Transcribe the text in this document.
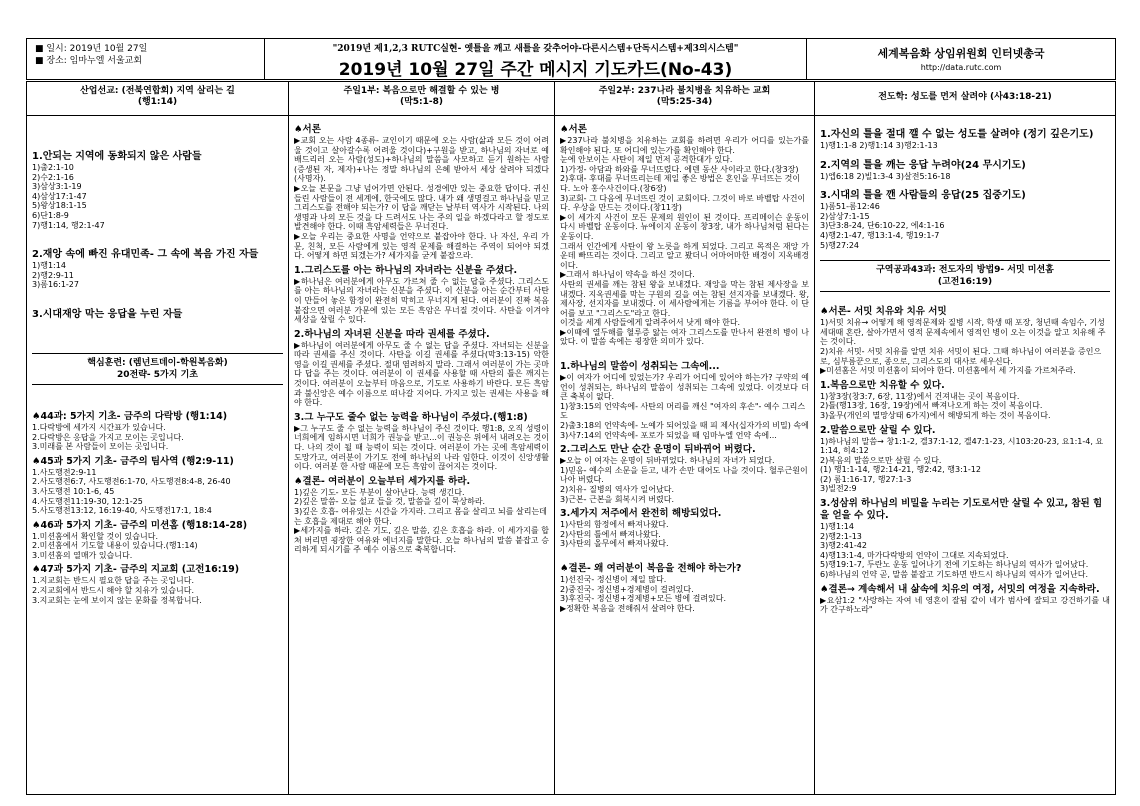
■ 일시: 2019년 10월 27일
■ 장소: 임마누엘 서울교회
"2019년 제1,2,3 RUTC실현- 옛틀을 깨고 새틀을 갖추어야-다른시스템+단독시스템+제3의시스템"
2019년 10월 27일 주간 메시지 기도카드(No-43)
세계복음화 상임위원회 인터넷총국
http://data.rutc.com
산업선교: (전북연합회) 지역 살리는 길
(행1:14)
1.안되는 지역에 동화되지 않은 사람들
1)출2:1-10
2)수2:1-16
3)삼상3:1-19
4)삼상17:1-47
5)왕상18:1-15
6)단1:8-9
7)행1:14, 행2:1-47
2.재앙 속에 빠진 유대민족- 그 속에 복음 가진 자들
1)행1:14
2)행2:9-11
3)롬16:1-27
3.시대재앙 막는 응답을 누린 자들
핵심훈련: (렘넌트데이-학원복음화)
20전략- 5가지 기초
♠44과: 5가지 기초- 금주의 다락방 (행1:14)
1.다락방에 세가지 시간표가 있습니다.
2.다락방은 응답을 가지고 모이는 곳입니다.
3.미래를 본 사람들이 모이는 곳입니다.
♠45과 5가지 기초- 금주의 팀사역 (행2:9-11)
1.사도행전2:9-11
2.사도행전6:7, 사도행전6:1-70, 사도행전8:4-8, 26-40
3.사도행전 10:1-6, 45
4.사도행전11:19-30, 12:1-25
5.사도행전13:12, 16:19-40, 사도행전17:1, 18:4
♠46과 5가지 기초- 금주의 미션홈 (행18:14-28)
1.미션홈에서 확인할 것이 있습니다.
2.미션홈에서 기도할 내용이 있습니다.(행1:14)
3.미션홈의 열매가 있습니다.
♠47과 5가지 기초- 금주의 지교회 (고전16:19)
1.지교회는 반드시 필요한 답을 주는 곳입니다.
2.지교회에서 반드시 해야 할 치유가 있습니다.
3.지교회는 눈에 보이지 않는 문화를 정복합니다.
주일1부: 복음으로만 해결할 수 있는 병
(막5:1-8)
♠서론

▶교회 오는 사람 4종류- 교인이기 때문에 오는 사람(삶과 모든 것이 어려울 것이고 살아갈수록 어려울 것이다)+구원을 받고, 하나님의 자녀로 예배드리러 오는 사람(성도)+하나님의 말씀을 사모하고 듣기 원하는 사람(증생된 자, 제자)+나는 정말 하나님의 은혜 받아서 세상 살려야 되겠다(사명자).

▶오늘 본문을 그냥 넘어가면 안된다. 성경에만 있는 중요한 답이다. 귀신들린 사람들이 전 세계에, 한국에도 많다. 내가 왜 생명걸고 하나님을 믿고 그리스도를 전해야 되는가? 이 답을 깨닫는 날부터 역사가 시작된다. 나의 생명과 나의 모든 것을 다 드려서도 나는 주의 일을 하겠다라고 할 정도로 발견해야 한다. 이때 흑암세력들은 무너진다.

▶오늘 우리는 중요한 사명을 언약으로 붙잡아야 한다. 나 자신, 우리 가문, 친척, 모든 사람에게 있는 영적 문제를 해결하는 주역이 되어야 되겠다. 어떻게 하면 되겠는가? 세가지를 굳게 붙잡으라.

1.그리스도를 아는 하나님의 자녀라는 신분을 주셨다.

▶하나님은 여러분에게 아무도 가르쳐 줄 수 없는 답을 주셨다. 그리스도를 아는 하나님의 자녀라는 신분을 주셨다. 이 신분을 아는 순간부터 사탄이 만들어 놓은 함정이 완전히 막히고 무너지게 된다. 여러분이 진짜 복음 붙잡으면 여러분 가문에 있는 모든 흑암은 무너질 것이다. 사탄을 이겨야 세상을 살릴 수 있다.

2.하나님의 자녀된 신분을 따라 권세를 주셨다.

▶하나님이 여러분에게 아무도 줄 수 없는 답을 주셨다. 자녀되는 신분을 따라 권세를 주신 것이다. 사탄을 이길 권세를 주셨다(막3:13-15) 악한 영을 이길 권세를 주셨다. 절대 염려하지 말라. 그래서 여러분이 가는 곳마다 답을 주는 것이다. 여러분이 이 권세를 사용할 때 사탄의 틀은 깨지는 것이다. 여러분이 오늘부터 마음으로, 기도로 사용하기 바란다. 모든 흑암과 불신앙은 예수 이름으로 떠나갈 지어다. 가지고 있는 권세는 사용을 해야 한다.

3.그 누구도 줄수 없는 능력을 하나님이 주셨다.(행1:8)

▶그 누구도 줄 수 없는 능력을 하나님이 주신 것이다. 행1:8, 오직 성령이 너희에게 임하시면 너희가 권능을 받고...이 권능은 위에서 내려오는 것이다. 나의 것이 될 때 능력이 되는 것이다. 여러분이 가는 곳에 흑암세력이 도망가고, 여러분이 가기도 전에 하나님의 나라 임한다. 이것이 신앙생활이다. 여러분 한 사람 때문에 모든 흑암이 끊어지는 것이다.

♠결론- 여러분이 오늘부터 세가지를 하라.
1)깊은 기도- 모든 부분이 살아난다. 능력 생긴다.
2)깊은 말씀- 오늘 설교 들을 것, 말씀을 깊이 묵상하라.
3)깊은 호흡- 여유있는 시간을 가지라. 그리고 몸을 살리고 뇌를 살리는데는 호흡을 제대로 해야 한다.

▶세가지를 하라. 깊은 기도, 깊은 말씀, 깊은 호흡을 하라. 이 세가지를 합쳐 버리면 굉장한 여유와 에너지를 말한다. 오늘 하나님의 말씀 붙잡고 승리하게 되시기를 주 예수 이름으로 축복합니다.

주일2부: 237나라 불치병을 치유하는 교회
(막5:25-34)
♠서론

▶237나라 불치병을 치유하는 교회를 하려면 우리가 어디를 있는가를 확인해야 된다. 또 어디에 있는가를 확인해야 한다.

눈에 안보이는 사탄이 제일 먼저 공격한대가 있다.

1)가정- 아담과 하와를 무너뜨렸다. 에덴 동산 사이라고 한다.(창3장)
2)후대- 후대를 무너뜨리는데 제일 좋은 방법은 혼인을 무너뜨는 것이다. 노아 홍수사건이다.(창6장)
3)교회- 그 다음에 무너뜨린 것이 교회이다. 그것이 바로 바벨탑 사건이다. 우상을 만드는 것이다.(창11장)

▶이 세가지 사건이 모든 문제의 원인이 된 것이다. 프리메이슨 운동이 다시 바벨탑 운동이다. 뉴에이지 운동이 창3장, 내가 하나님처럼 된다는 운동이다.

그래서 인간에게 사탄이 왕 노릇을 하게 되었다. 그리고 목적은 재앙 가운데 빠뜨리는 것이다. 그리고 알고 봤더니 어마어마한 배경이 지옥배경이다.

▶그래서 하나님이 약속을 하신 것이다.

사탄의 권세를 깨는 참된 왕을 보내겠다. 재앙을 막는 참된 제사장을 보내겠다. 지옥권세를 막는 구원의 길을 여는 참된 선지자를 보내겠다. 왕, 제사장, 선지자를 보내겠다. 이 세사람에게는 기름을 부어야 한다. 이 단어를 보고 "그리스도"라고 한다.

이것을 세계 사람들에게 알려주어서 낫게 해야 한다.

▶이때에 열두해를 혈루증 앓는 여자 그리스도를 만나서 완전히 병이 나았다. 이 말씀 속에는 굉장한 의미가 있다.

1.하나님의 말씀이 성취되는 그속에...

▶이 여자가 어디에 있었는가? 우리가 어디에 있어야 하는가? 구약의 예언이 성취되는, 하나님의 말씀이 성취되는 그속에 있었다. 이것보다 더 큰 축복이 없다.

1)창3:15의 언약속에- 사탄의 머리를 깨신 "여자의 후손"- 예수 그리스도
2)출3:18의 언약속에- 노예가 되어있을 때 피 제사(십자가의 비밀) 속에
3)사7:14의 언약속에- 포로가 되었을 때 임마누엘 언약 속에...
2.그리스도 만난 순간 운명이 뒤바뀌어 버렸다.

▶오늘 이 여자는 운명이 뒤바뀌었다. 하나님의 자녀가 되었다.

1)믿음- 예수의 소문을 듣고, 내가 손만 대어도 나을 것이다. 혈루근원이 나아 버렸다.
2)치유- 질병의 역사가 일어났다.
3)근본- 근본을 회복시켜 버렸다.
3.세가지 저주에서 완전히 해방되었다.
1)사탄의 함정에서 빠져나왔다.
2)사탄의 틀에서 빠져나왔다.
3)사탄의 올무에서 빠져나왔다.
♠결론- 왜 여러분이 복음을 전해야 하는가?
1)선진국- 정신병이 제일 많다.
2)중진국- 정신병+경제병이 걸려있다.
3)후진국- 정신병+경제병+모든 병에 걸려있다.

▶정확한 복음을 전해줘서 살려야 한다.

전도학: 성도를 먼저 살려야 (사43:18-21)
1.자신의 틀을 절대 깰 수 없는 성도를 살려야 (정기 깊은기도)
1)행1:1-8 2)행1:14 3)행2:1-13
2.지역의 틀을 깨는 응답 누려야(24 무시기도)
1)엡6:18 2)빌1:3-4 3)살전5:16-18
3.시대의 틀을 깬 사람들의 응답(25 집중기도)
1)롬51-롬12:46
2)삼상7:1-15
3)단3:8-24, 단6:10-22, 에4:1-16
4)행2:1-47, 행13:1-4, 행19:1-7
5)행27:24
구역공과43과: 전도자의 방법9- 서밋 미션홈
(고전16:19)
♠서론- 서밋 치유와 치유 서밋
1)서밋 치유→ 어떻게 해 영적문제와 질병 시작, 학생 때 포장, 청년때 속임수, 기성세대때 혼란, 살아가면서 영적 문제속에서 영적인 병이 오는 이것을 알고 치유해 주는 것이다.
2)치유 서밋- 서밋 치유를 알면 치유 서밋이 된다. 그때 하나님이 여러분을 증인으로, 심부름꾼으로, 종으로, 그리스도의 대사로 세우신다.
▶미션홈은 서밋 미션홈이 되어야 한다. 미션홈에서 세 가지를 가르쳐주라.
1.복음으로만 치유할 수 있다.
1)창3장(창3:7, 6장, 11장)에서 건져내는 곳이 복음이다.
2)틀(행13장, 16장, 19장)에서 빠져나오게 하는 것이 복음이다.
3)올무(개인의 멸망상태 6가지)에서 해방되게 하는 것이 복음이다.
2.말씀으로만 살릴 수 있다.
1)하나님의 말씀→ 창1:1-2, 겔37:1-12, 겔47:1-23, 시103:20-23, 요1:1-4, 요1:14, 히4:12
2)복음의 말씀으로만 살릴 수 있다.
(1) 행1:1-14, 행2:14-21, 행2:42, 행3:1-12
(2) 롬1:16-17, 행27:1-3
3)빌전2:9
3.성삼위 하나님의 비밀을 누리는 기도로서만 살릴 수 있고, 참된 힘을 얻을 수 있다.
1)행1:14
2)행2:1-13
3)행2:41-42
4)행13:1-4, 마가다락방의 언약이 그대로 지속되었다.
5)행19:1-7, 두란노 운동 일어나기 전에 기도하는 하나님의 역사가 일어났다.
6)하나님의 언약 곧, 말씀 붙잡고 기도하면 반드시 하나님의 역사가 일어난다.
♠결론→ 계속해서 내 삶속에 치유의 여정, 서밋의 여정을 지속하라.

▶요삼1:2 "사랑하는 자여 네 영혼이 잘됨 같이 네가 범사에 잘되고 강건하기를 내가 간구하노라"
